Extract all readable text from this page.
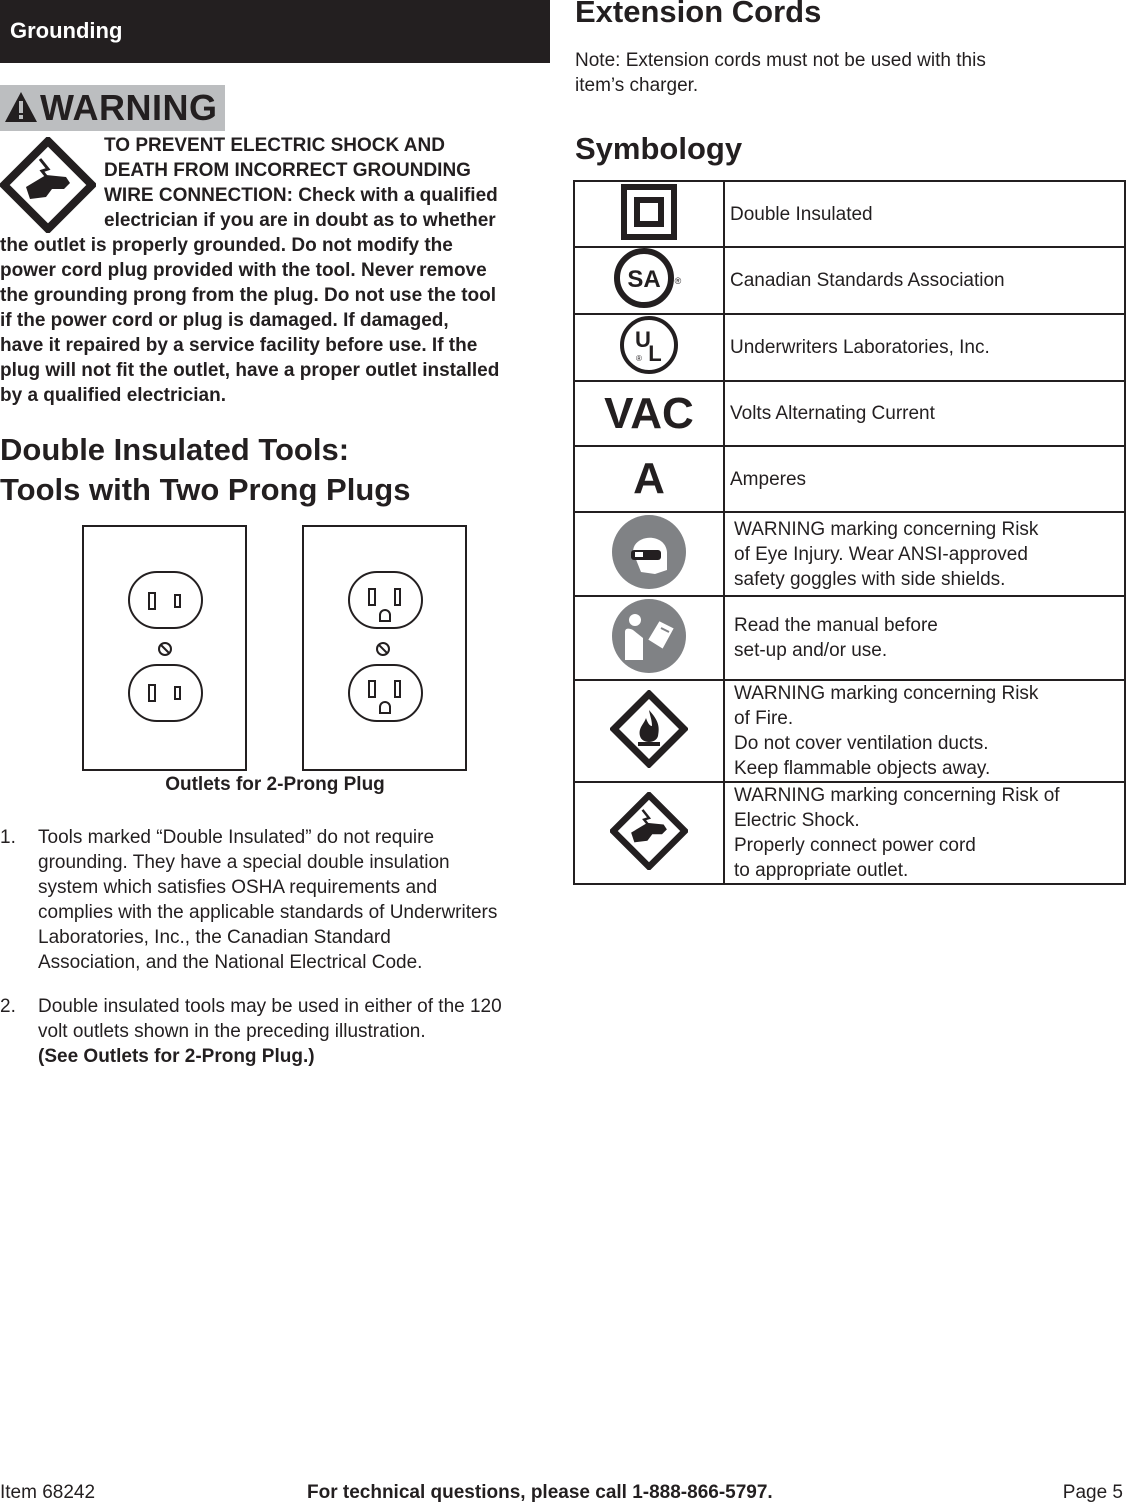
Grounding
WARNING
TO PREVENT ELECTRIC SHOCK AND
DEATH FROM INCORRECT GROUNDING
WIRE CONNECTION: Check with a qualified
electrician if you are in doubt as to whether
the outlet is properly grounded. Do not modify the
power cord plug provided with the tool. Never remove
the grounding prong from the plug. Do not use the tool
if the power cord or plug is damaged. If damaged,
have it repaired by a service facility before use. If the
plug will not fit the outlet, have a proper outlet installed
by a qualified electrician.
Double Insulated Tools:
Tools with Two Prong Plugs
Outlets for 2-Prong Plug
1. Tools marked “Double Insulated” do not require
grounding. They have a special double insulation
system which satisfies OSHA requirements and
complies with the applicable standards of Underwriters
Laboratories, Inc., the Canadian Standard
Association, and the National Electrical Code.
2. Double insulated tools may be used in either of the 120
volt outlets shown in the preceding illustration.
(See Outlets for 2-Prong Plug.)
Extension Cords
Note: Extension cords must not be used with this
item’s charger.
Symbology

Double Insulated

SA ®	Canadian Standards Association

U
L
®	Underwriters Laboratories, Inc.

VAC	Volts Alternating Current

A	Amperes

WARNING marking concerning Risk
of Eye Injury. Wear ANSI-approved
safety goggles with side shields.

Read the manual before
set-up and/or use.

WARNING marking concerning Risk
of Fire.
Do not cover ventilation ducts.
Keep flammable objects away.

WARNING marking concerning Risk of
Electric Shock.
Properly connect power cord
to appropriate outlet.
Item 68242	For technical questions, please call 1-888-866-5797.	Page 5
